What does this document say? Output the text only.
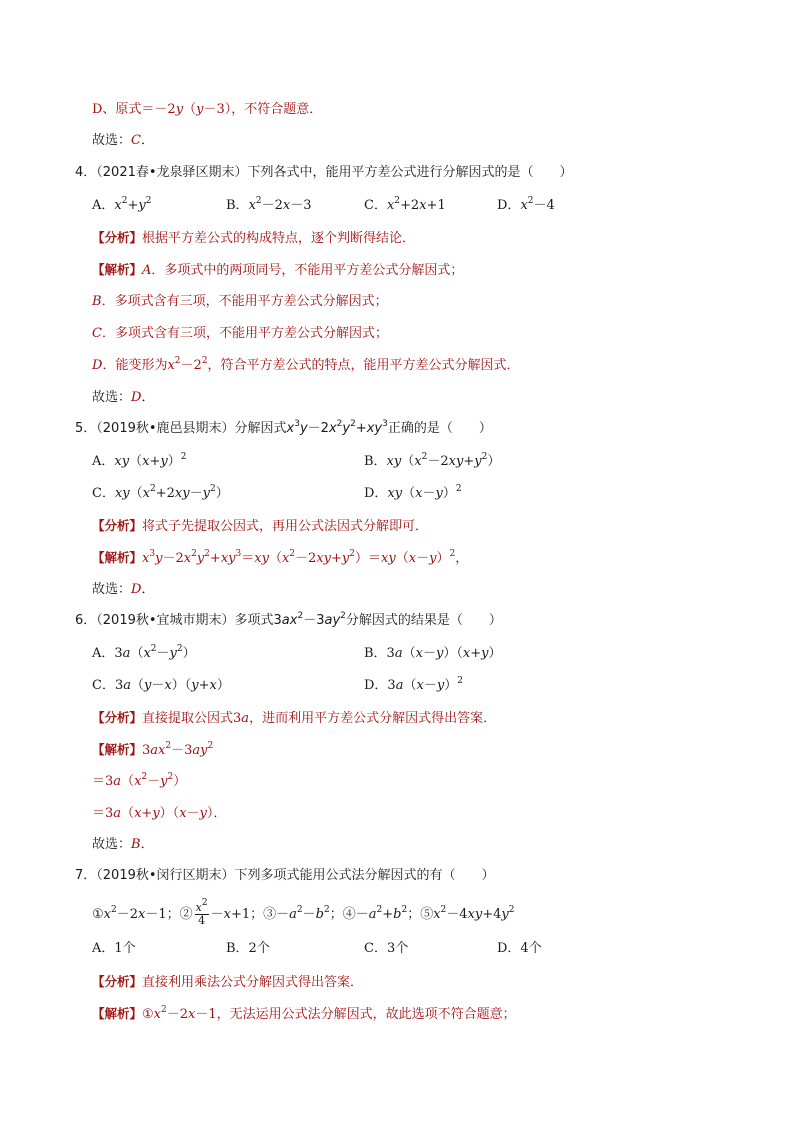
D、原式＝－2y（y－3），不符合题意．
故选：C．
4．（2021春•龙泉驿区期末）下列各式中，能用平方差公式进行分解因式的是（　　）
A．$x^2+y^2$	B．$x^2-2x-3$	C．$x^2+2x+1$	D．$x^2-4$
【分析】根据平方差公式的构成特点，逐个判断得结论．
【解析】A．多项式中的两项同号，不能用平方差公式分解因式；
B．多项式含有三项，不能用平方差公式分解因式；
C．多项式含有三项，不能用平方差公式分解因式；
D．能变形为$x^2-2^2$，符合平方差公式的特点，能用平方差公式分解因式．
故选：D．
5．（2019秋•鹿邑县期末）分解因式$x^3y-2x^2y^2+xy^3$正确的是（　　）
A．$xy(x+y)^2$	B．$xy(x^2-2xy+y^2)$
C．$xy(x^2+2xy-y^2)$	D．$xy(x-y)^2$
【分析】将式子先提取公因式，再用公式法因式分解即可．
【解析】$x^3y-2x^2y^2+xy^3=xy(x^2-2xy+y^2)=xy(x-y)^2$，
故选：D．
6．（2019秋•宜城市期末）多项式$3ax^2-3ay^2$分解因式的结果是（　　）
A．$3a(x^2-y^2)$	B．3a（x－y）（x+y）
C．3a（y－x）（y+x）	D．$3a(x-y)^2$
【分析】直接提取公因式3a，进而利用平方差公式分解因式得出答案．
【解析】$3ax^2-3ay^2$
$=3a(x^2-y^2)$
＝3a（x+y）（x－y）．
故选：B．
7．（2019秋•闵行区期末）下列多项式能用公式法分解因式的有（　　）
$①x^2-2x-1$；② $\frac{x^2}{4} -x+1$；$③-a^2-b^2$；$④-a^2+b^2$；$⑤x^2-4xy+4y^2$
A．1个	B．2个	C．3个	D．4个
【分析】直接利用乘法公式分解因式得出答案．
【解析】$①x^2-2x-1$，无法运用公式法分解因式，故此选项不符合题意；
